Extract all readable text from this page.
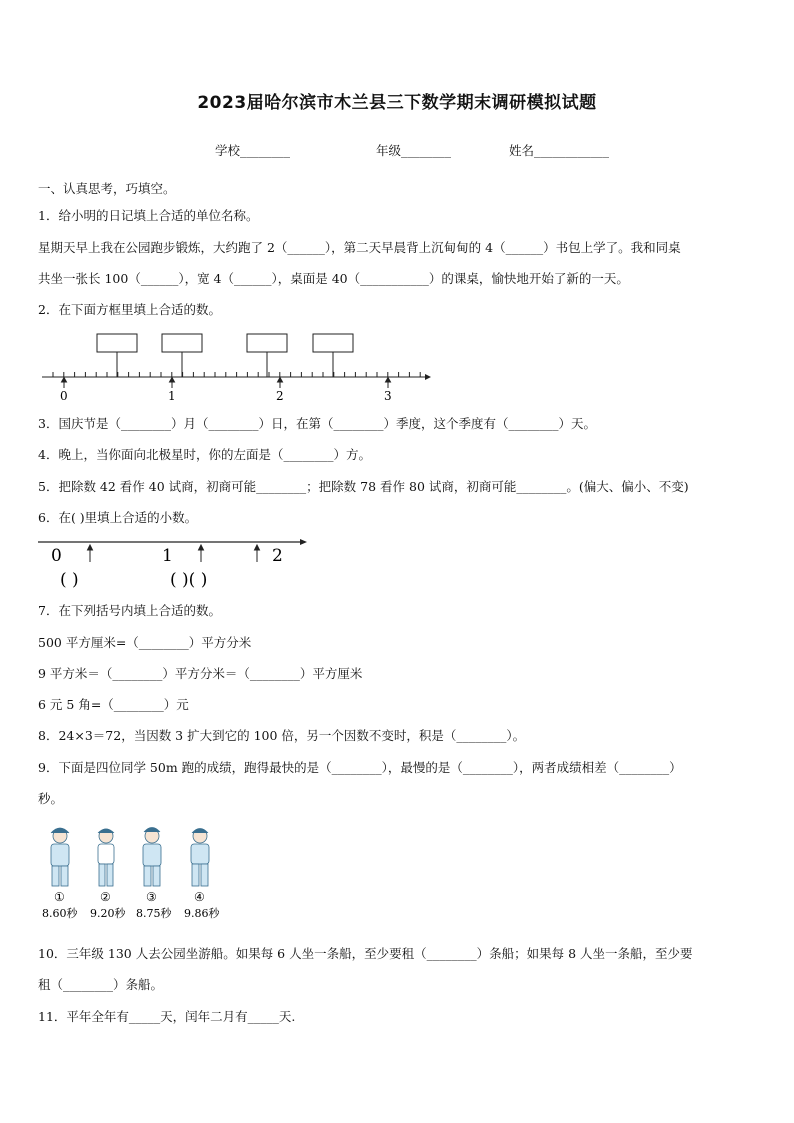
2023届哈尔滨市木兰县三下数学期末调研模拟试题
学校________	年级________	姓名____________
一、认真思考，巧填空。
1．给小明的日记填上合适的单位名称。
星期天早上我在公园跑步锻炼，大约跑了 2（______），第二天早晨背上沉甸甸的 4（______）书包上学了。我和同桌
共坐一张长 100（______），宽 4（______），桌面是 40（___________）的课桌，愉快地开始了新的一天。
2．在下面方框里填上合适的数。
0	1	2	3
3．国庆节是（________）月（________）日，在第（________）季度，这个季度有（________）天。
4．晚上，当你面向北极星时，你的左面是（________）方。
5．把除数 42 看作 40 试商，初商可能________；把除数 78 看作 80 试商，初商可能________。(偏大、偏小、不变)
6．在( )里填上合适的小数。
0	1	2
( )	( )( )
7．在下列括号内填上合适的数。
500 平方厘米=（________）平方分米
9 平方米＝（________）平方分米＝（________）平方厘米
6 元 5 角=（________）元
8．24×3＝72，当因数 3 扩大到它的 100 倍，另一个因数不变时，积是（________）。
9．下面是四位同学 50m 跑的成绩，跑得最快的是（________），最慢的是（________），两者成绩相差（________）
秒。
①	②	③	④
8.60秒 9.20秒 8.75秒 9.86秒
10．三年级 130 人去公园坐游船。如果每 6 人坐一条船，至少要租（________）条船；如果每 8 人坐一条船，至少要
租（________）条船。
11．平年全年有_____天，闰年二月有_____天.
